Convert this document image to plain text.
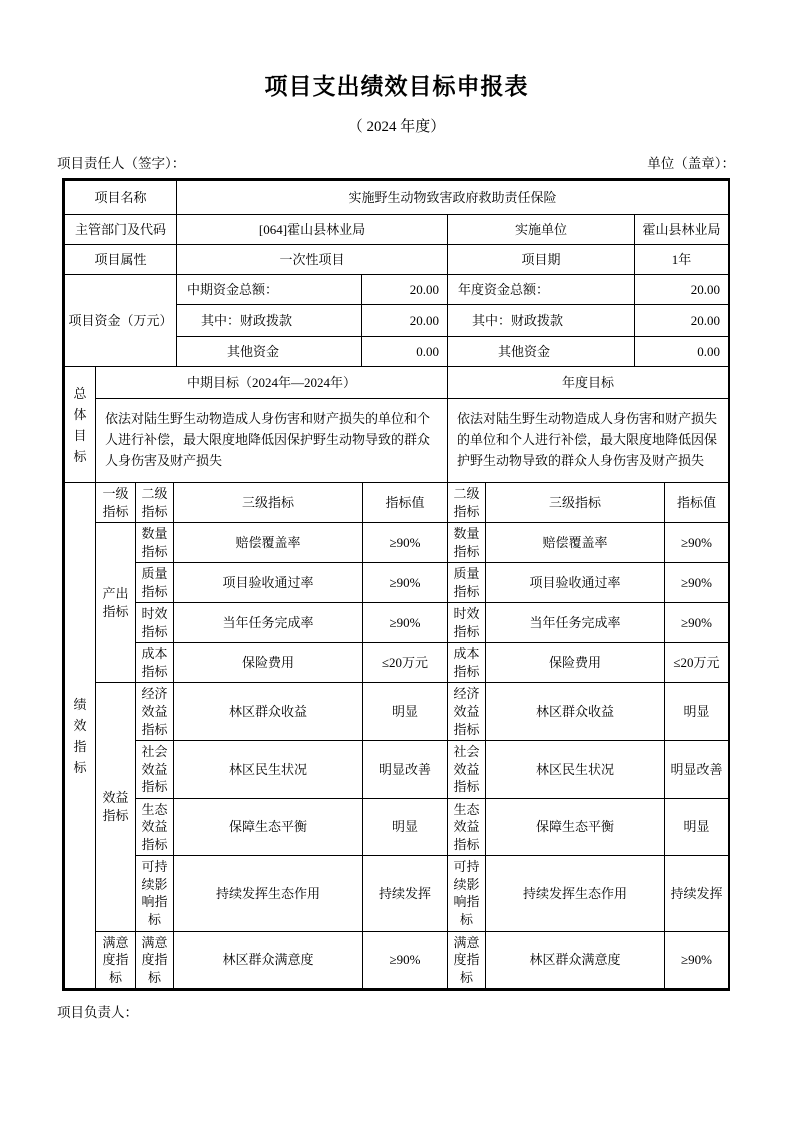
项目支出绩效目标申报表
（ 2024 年度）
项目责任人（签字）：	单位（盖章）：
项目名称	实施野生动物致害政府救助责任保险		
主管部门及代码	[064]霍山县林业局	实施单位	霍山县林业局
项目属性	一次性项目	项目期	1年
项目资金（万元）	中期资金总额：	20.00	年度资金总额：	20.00
	其中：财政拨款	20.00	其中：财政拨款	20.00
	其他资金	0.00	其他资金	0.00
总体目标	中期目标（2024年—2024年）	年度目标
	依法对陆生野生动物造成人身伤害和财产损失的单位和个人进行补偿，最大限度地降低因保护野生动物导致的群众人身伤害及财产损失	依法对陆生野生动物造成人身伤害和财产损失的单位和个人进行补偿，最大限度地降低因保护野生动物导致的群众人身伤害及财产损失
绩效指标	一级指标	二级指标	三级指标	指标值	二级指标	三级指标	指标值
	产出指标	数量指标	赔偿覆盖率	≥90%	数量指标	赔偿覆盖率	≥90%
		质量指标	项目验收通过率	≥90%	质量指标	项目验收通过率	≥90%
		时效指标	当年任务完成率	≥90%	时效指标	当年任务完成率	≥90%
		成本指标	保险费用	≤20万元	成本指标	保险费用	≤20万元
	效益指标	经济效益指标	林区群众收益	明显	经济效益指标	林区群众收益	明显
		社会效益指标	林区民生状况	明显改善	社会效益指标	林区民生状况	明显改善
		生态效益指标	保障生态平衡	明显	生态效益指标	保障生态平衡	明显
		可持续影响指标	持续发挥生态作用	持续发挥	可持续影响指标	持续发挥生态作用	持续发挥
	满意度指标	满意度指标	林区群众满意度	≥90%	满意度指标	林区群众满意度	≥90%
项目负责人：
